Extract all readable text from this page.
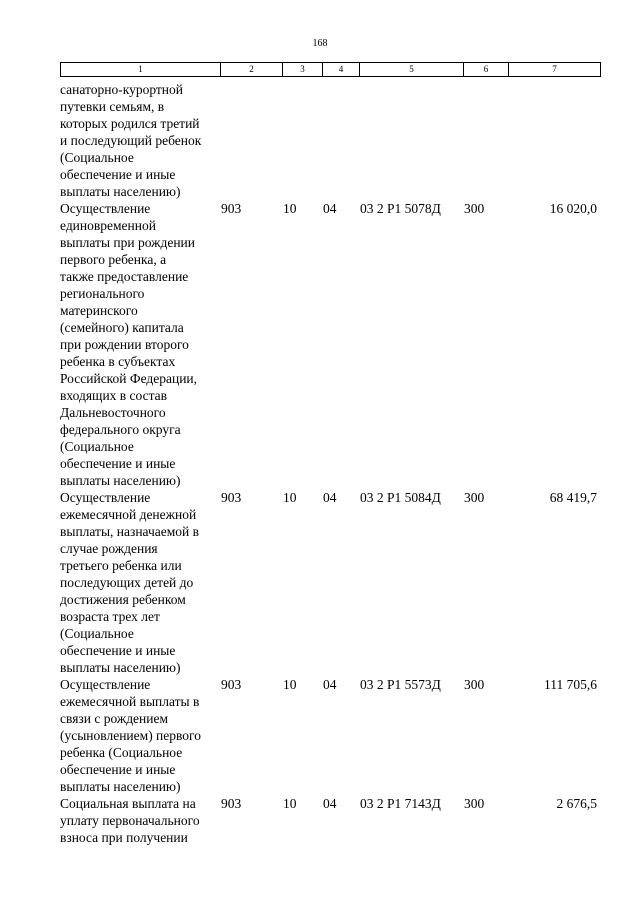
168
1	2	3	4	5	6	7
санаторно-курортной
путевки семьям, в
которых родился третий
и последующий ребенок
(Социальное
обеспечение и иные
выплаты населению)
Осуществление
единовременной
выплаты при рождении
первого ребенка, а
также предоставление
регионального
материнского
(семейного) капитала
при рождении второго
ребенка в субъектах
Российской Федерации,
входящих в состав
Дальневосточного
федерального округа
(Социальное
обеспечение и иные
выплаты населению)
903	10 04 03 2 Р1 5078Д 300	16 020,0
Осуществление
ежемесячной денежной
выплаты, назначаемой в
случае рождения
третьего ребенка или
последующих детей до
достижения ребенком
возраста трех лет
(Социальное
обеспечение и иные
выплаты населению)
903	10 04 03 2 Р1 5084Д 300	68 419,7
Осуществление
ежемесячной выплаты в
связи с рождением
(усыновлением) первого
ребенка (Социальное
обеспечение и иные
выплаты населению)
903	10 04 03 2 Р1 5573Д 300	111 705,6
Социальная выплата на
уплату первоначального
взноса при получении
903	10 04 03 2 Р1 7143Д 300	2 676,5
